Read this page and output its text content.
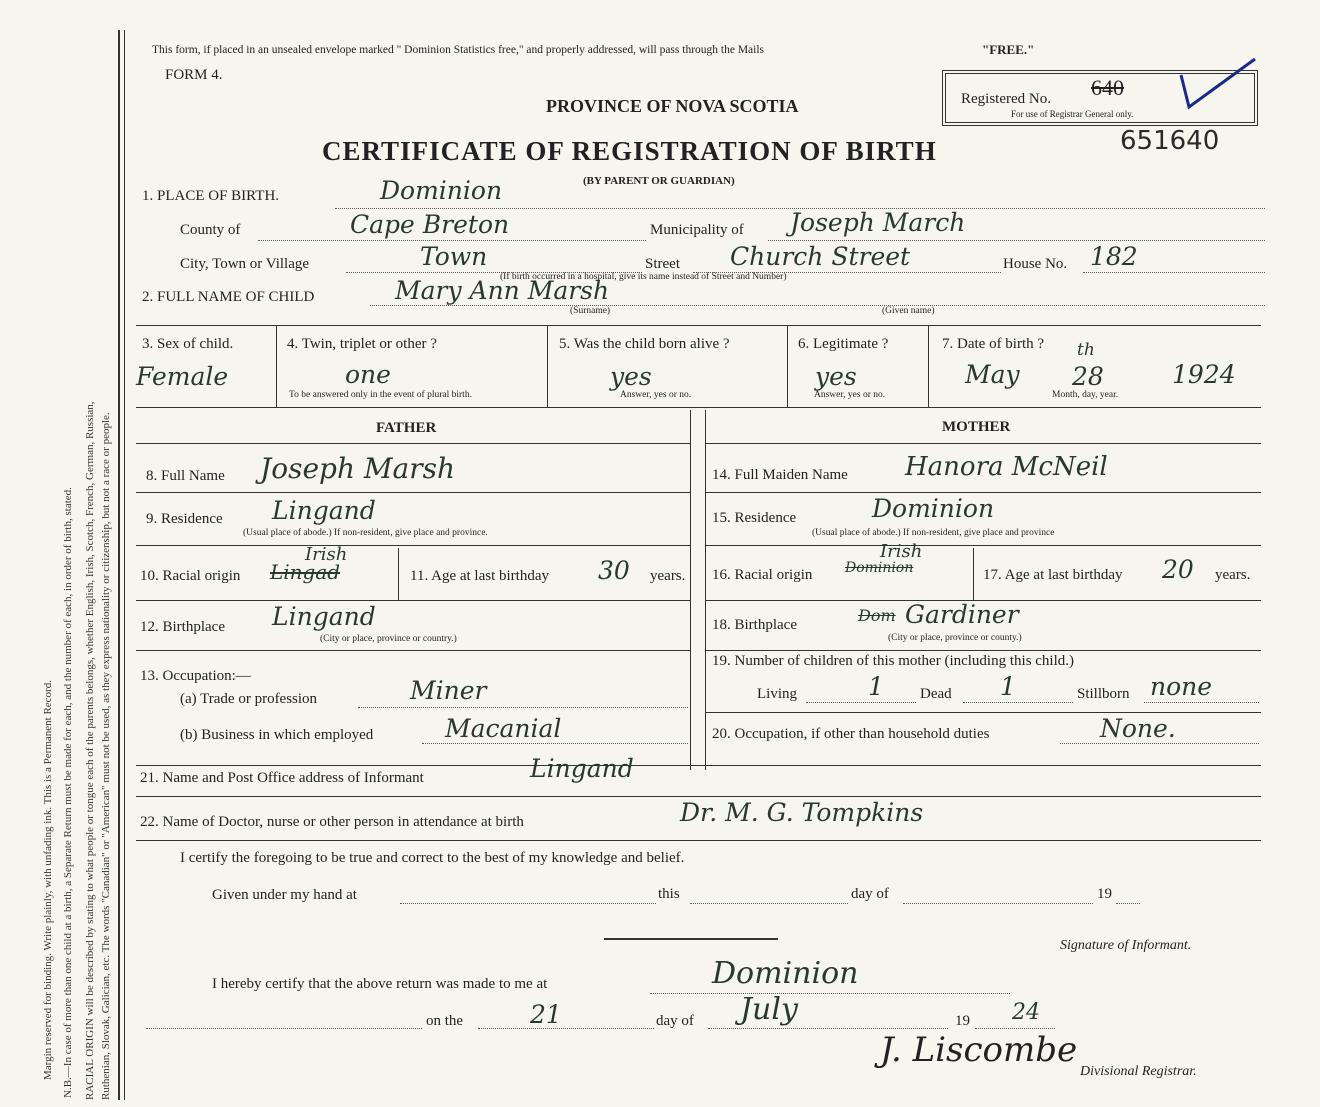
Margin reserved for binding. Write plainly, with unfading ink. This is a Permanent Record. N.B.—In case of more than one child at a birth, a Separate Return must be made for each, and the number of each, in order of birth, stated. RACIAL ORIGIN will be described by stating to what people or tongue each of the parents belongs, whether English, Irish, Scotch, French, German, Russian, Ruthenian, Slovak, Galician, etc. The words "Canadian" or "American" must not be used, as they express nationality or citizenship, but not a race or people.
This form, if placed in an unsealed envelope marked " Dominion Statistics free," and properly addressed, will pass through the Mails	"FREE."
FORM 4.
PROVINCE OF NOVA SCOTIA
CERTIFICATE OF REGISTRATION OF BIRTH
(BY PARENT OR GUARDIAN)
Registered No. 640
For use of Registrar General only.
651640
1. PLACE OF BIRTH.	Dominion
County of	Cape Breton	Municipality of Joseph March
City, Town or Village	Town	Street Church Street	House No. 182
(If birth occurred in a hospital, give its name instead of Street and Number)
2. FULL NAME OF CHILD	Mary Ann Marsh
(Surname)	(Given name)
3. Sex of child.
Female
4. Twin, triplet or other ?
one
To be answered only in the event of plural birth.
5. Was the child born alive ?
yes
Answer, yes or no.
6. Legitimate ?
yes
Answer, yes or no.
7. Date of birth ?
May
th
28	1924
Month, day, year.
FATHER	MOTHER
8. Full Name Joseph Marsh
9. Residence Lingand
(Usual place of abode.) If non-resident, give place and province.
10. Racial origin Lingad
Irish
11. Age at last birthday 30 years.
12. Birthplace Lingand
(City or place, province or country.)
13. Occupation:—
(a) Trade or profession	Miner
(b) Business in which employed	Macanial
14. Full Maiden Name Hanora McNeil
15. Residence	Dominion
(Usual place of abode.) If non-resident, give place and province
16. Racial origin Dominion
Irish
17. Age at last birthday 20 years.
18. Birthplace	Dom Gardiner
(City or place, province or county.)
19. Number of children of this mother (including this child.)
Living	1 Dead 1	Stillborn none
20. Occupation, if other than household duties	None.
21. Name and Post Office address of Informant	Lingand
22. Name of Doctor, nurse or other person in attendance at birth	Dr. M. G. Tompkins
I certify the foregoing to be true and correct to the best of my knowledge and belief.
Given under my hand at	this	day of	19
Signature of Informant.
I hereby certify that the above return was made to me at	Dominion
on the	21	day of July	19 24
J. Liscombe
Divisional Registrar.
